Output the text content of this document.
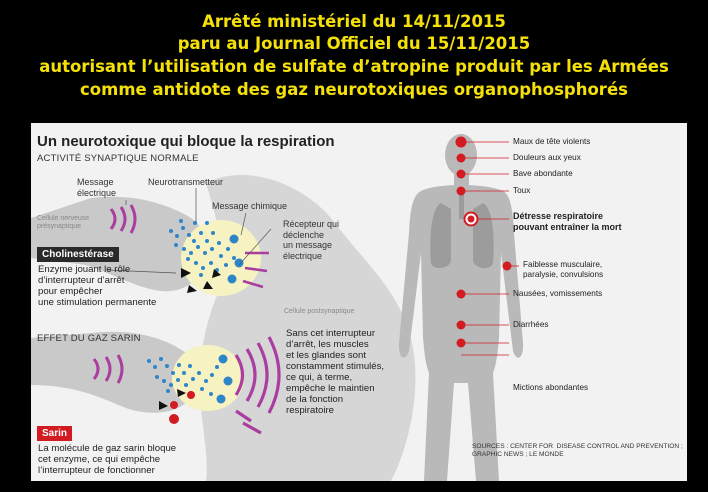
Arrêté ministériel du 14/11/2015
paru au Journal Officiel du 15/11/2015
autorisant l’utilisation de sulfate d’atropine produit par les Armées
comme antidote des gaz neurotoxiques organophosphorés
Un neurotoxique qui bloque la respiration
ACTIVITÉ SYNAPTIQUE NORMALE
Message
électrique
Neurotransmetteur
Message chimique
Cellule nerveuse
présynaptique	Récepteur qui
déclenche
un message
électrique
Cellule postsynaptique
Cholinestérase
Enzyme jouant le rôle
d’interrupteur d’arrêt
pour empêcher
une stimulation permanente
EFFET DU GAZ SARIN	Sans cet interrupteur
d’arrêt, les muscles
et les glandes sont
constamment stimulés,
ce qui, à terme,
empêche le maintien
de la fonction
respiratoire
Sarin
La molécule de gaz sarin bloque
cet enzyme, ce qui empêche
l’interrupteur de fonctionner
Maux de tête violents
Douleurs aux yeux
Bave abondante
Toux
Détresse respiratoire
pouvant entraîner la mort
Faiblesse musculaire,
paralysie, convulsions
Nausées, vomissements
Diarrhées
Mictions abondantes
SOURCES : CENTER FOR  DISEASE CONTROL AND PREVENTION ;
GRAPHIC NEWS ; LE MONDE
